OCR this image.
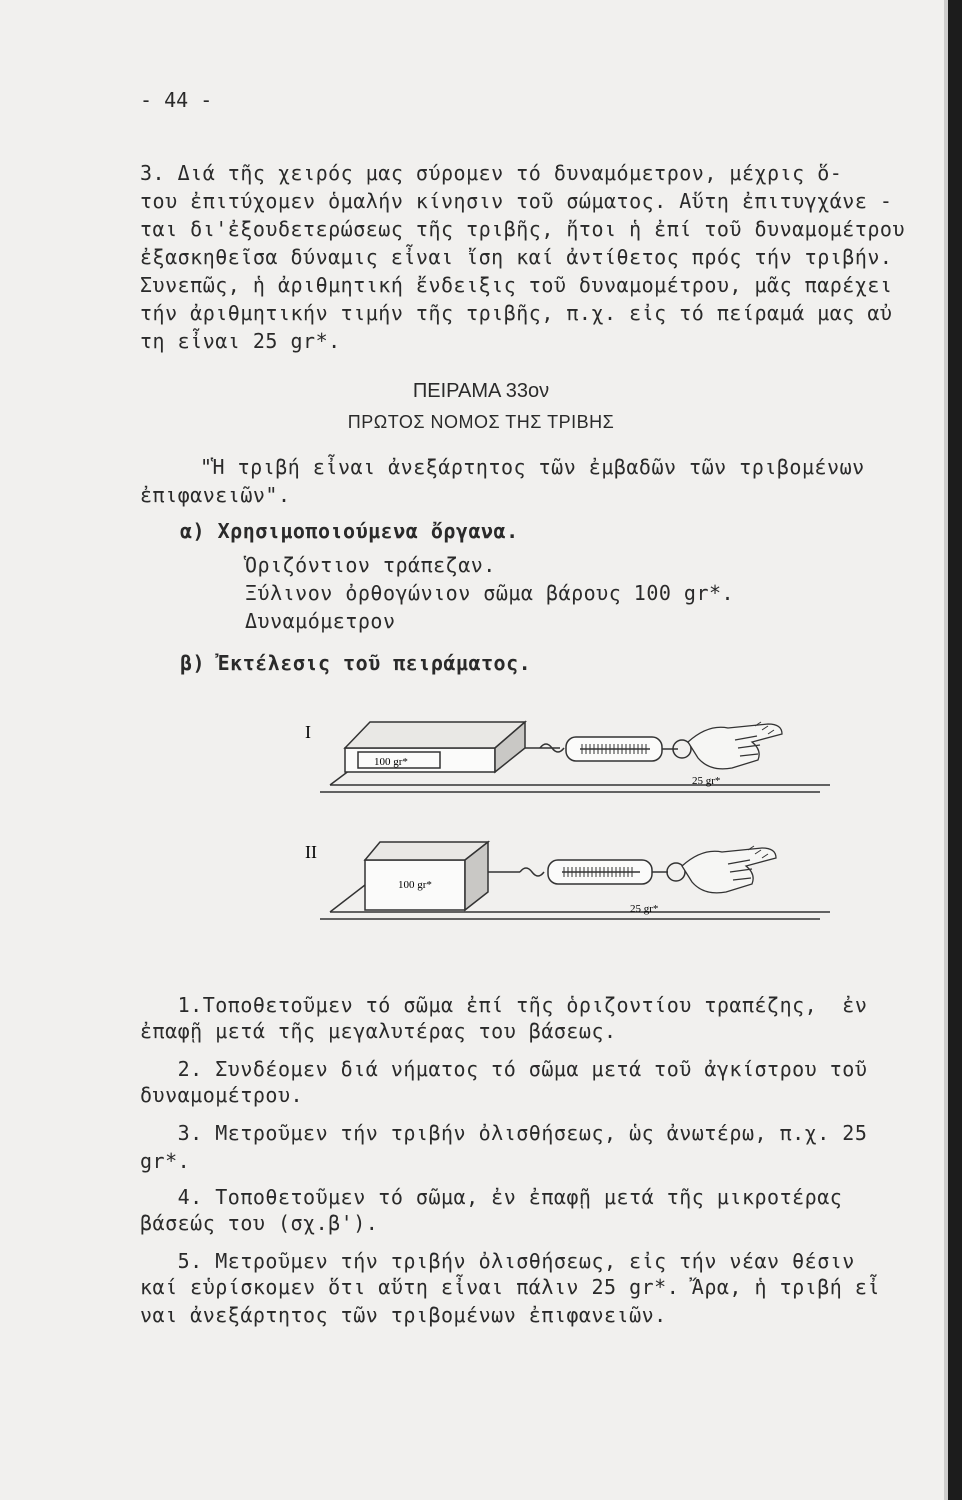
- 44 -
3. Διά τῆς χειρός μας σύρομεν τό δυναμόμετρον, μέχρις ὅ-
του ἐπιτύχομεν ὁμαλήν κίνησιν τοῦ σώματος. Αὕτη ἐπιτυγχάνε -
ται δι'ἐξουδετερώσεως τῆς τριβῆς, ἤτοι ἡ ἐπί τοῦ δυναμομέτρου
ἐξασκηθεῖσα δύναμις εἶναι ἴση καί ἀντίθετος πρός τήν τριβήν.
Συνεπῶς, ἡ ἀριθμητική ἔνδειξις τοῦ δυναμομέτρου, μᾶς παρέχει
τήν ἀριθμητικήν τιμήν τῆς τριβῆς, π.χ. εἰς τό πείραμά μας αὐ
τη εἶναι 25 gr*.
ΠΕΙΡΑΜΑ 33ον
ΠΡΩΤΟΣ ΝΟΜΟΣ ΤΗΣ ΤΡΙΒΗΣ
"Ἡ τριβή εἶναι ἀνεξάρτητος τῶν ἐμβαδῶν τῶν τριβομένων
ἐπιφανειῶν".
α) Χρησιμοποιούμενα ὄργανα.
Ὁριζόντιον τράπεζαν.
Ξύλινον ὀρθογώνιον σῶμα βάρους 100 gr*.
Δυναμόμετρον
β) Ἐκτέλεσις τοῦ πειράματος.
I
100 gr*
25 gr*
II
100 gr*
25 gr*
1.Τοποθετοῦμεν τό σῶμα ἐπί τῆς ὁριζοντίου τραπέζης,  ἐν
ἐπαφῇ μετά τῆς μεγαλυτέρας του βάσεως.
2. Συνδέομεν διά νήματος τό σῶμα μετά τοῦ ἀγκίστρου τοῦ
δυναμομέτρου.
3. Μετροῦμεν τήν τριβήν ὀλισθήσεως, ὡς ἀνωτέρω, π.χ. 25
gr*.
4. Τοποθετοῦμεν τό σῶμα, ἐν ἐπαφῇ μετά τῆς μικροτέρας
βάσεώς του (σχ.β').
5. Μετροῦμεν τήν τριβήν ὀλισθήσεως, εἰς τήν νέαν θέσιν
καί εὑρίσκομεν ὅτι αὕτη εἶναι πάλιν 25 gr*. Ἄρα, ἡ τριβή εἶ
ναι ἀνεξάρτητος τῶν τριβομένων ἐπιφανειῶν.
